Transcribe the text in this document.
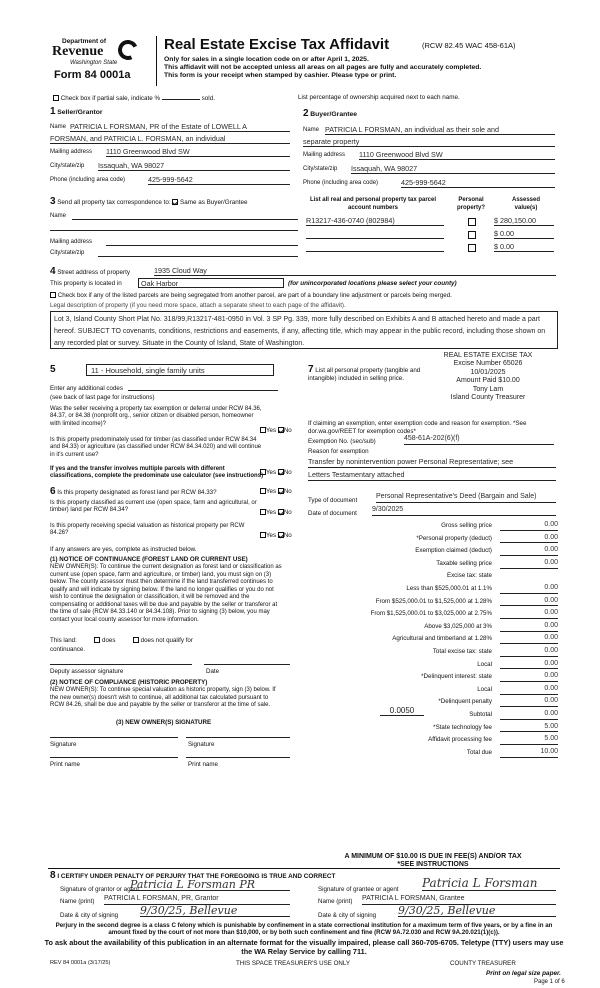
Department of
Revenue
Washington State
Form 84 0001a
Real Estate Excise Tax Affidavit	(RCW 82.45 WAC 458-61A)
Only for sales in a single location code on or after April 1, 2025.
This affidavit will not be accepted unless all areas on all pages are fully and accurately completed.
This form is your receipt when stamped by cashier. Please type or print.
Check box if partial sale, indicate %	sold.	List percentage of ownership acquired next to each name.
1 Seller/Grantor
Name PATRICIA L FORSMAN, PR of the Estate of LOWELL A
FORSMAN, and PATRICIA L. FORSMAN, an individual
Mailing address 1110 Greenwood Blvd SW
City/state/zip Issaquah, WA 98027
Phone (including area code)	425-999-5642
2 Buyer/Grantee
Name PATRICIA L FORSMAN, an individual as their sole and
separate property
Mailing address 1110 Greenwood Blvd SW
City/state/zip Issaquah, WA 98027
Phone (including area code)	425-999-5642
3 Send all property tax correspondence to: Same as Buyer/Grantee
Name
Mailing address
City/state/zip
List all real and personal property tax parcel account numbers
Personal property?
Assessed value(s)
R13217-436-0740 (802984)	$ 280,150.00
$ 0.00
$ 0.00
4 Street address of property	1935 Cloud Way
This property is located in	Oak Harbor	(for unincorporated locations please select your county)
Check box if any of the listed parcels are being segregated from another parcel, are part of a boundary line adjustment or parcels being merged.
Legal description of property (if you need more space, attach a separate sheet to each page of the affidavit).
Lot 3, Island County Short Plat No. 318/99,R13217-481-0950 in Vol. 3 SP Pg. 339, more fully described on Exhibits A and B attached hereto and made a part hereof. SUBJECT TO covenants, conditions, restrictions and easements, if any, affecting title, which may appear in the public record, including those shown on any recorded plat or survey. Situate in the County of Island, State of Washington.
REAL ESTATE EXCISE TAX
Excise Number 65026
10/01/2025
Amount Paid $10.00
Tony Lam
Island County Treasurer
5	11 - Household, single family units
Enter any additional codes
(see back of last page for instructions)
Was the seller receiving a property tax exemption or deferral under RCW 84.36, 84.37, or 84.38 (nonprofit org., senior citizen or disabled person, homeowner with limited income)?
Yes No
Is this property predominately used for timber (as classified under RCW 84.34 and 84.33) or agriculture (as classified under RCW 84.34.020) and will continue in it's current use?
If yes and the transfer involves multiple parcels with different classifications, complete the predominate use calculator (see instructions)
Yes No
6 Is this property designated as forest land per RCW 84.33?	Yes No
Is this property classified as current use (open space, farm and agricultural, or timber) land per RCW 84.34?	Yes No
Is this property receiving special valuation as historical property per RCW 84.26?	Yes No
If any answers are yes, complete as instructed below.
(1) NOTICE OF CONTINUANCE (FOREST LAND OR CURRENT USE)
NEW OWNER(S): To continue the current designation as forest land or classification as current use (open space, farm and agriculture, or timber) land, you must sign on (3) below. The county assessor must then determine if the land transferred continues to qualify and will indicate by signing below. If the land no longer qualifies or you do not wish to continue the designation or classification, it will be removed and the compensating or additional taxes will be due and payable by the seller or transferor at the time of sale (RCW 84.33.140 or 84.34.108). Prior to signing (3) below, you may contact your local county assessor for more information.
This land:	does	does not qualify for
continuance.
Deputy assessor signature	Date
(2) NOTICE OF COMPLIANCE (HISTORIC PROPERTY)
NEW OWNER(S): To continue special valuation as historic property, sign (3) below. If the new owner(s) doesn't wish to continue, all additional tax calculated pursuant to RCW 84.26, shall be due and payable by the seller or transferor at the time of sale.
(3) NEW OWNER(S) SIGNATURE
Signature	Signature
Print name	Print name
7 List all personal property (tangible and intangible) included in selling price.
If claiming an exemption, enter exemption code and reason for exemption. *See dor.wa.gov/REET for exemption codes*
Exemption No. (sec/sub)	458-61A-202(6)(f)
Reason for exemption
Transfer by nonintervention power Personal Representative; see
Letters Testamentary attached
Type of document
Personal Representative's Deed (Bargain and Sale)
Date of document
9/30/2025
Gross selling price	0.00
*Personal property (deduct)	0.00
Exemption claimed (deduct)	0.00
Taxable selling price	0.00
Excise tax: state
Less than $525,000.01 at 1.1%	0.00
From $525,000.01 to $1,525,000 at 1.28%	0.00
From $1,525,000.01 to $3,025,000 at 2.75%	0.00
Above $3,025,000 at 3%	0.00
Agricultural and timberland at 1.28%	0.00
Total excise tax: state	0.00
Local	0.00
*Delinquent interest: state	0.00
Local	0.00
*Delinquent penalty	0.00
Subtotal	0.00
*State technology fee	5.00
Affidavit processing fee	5.00
Total due	10.00
0.0050
A MINIMUM OF $10.00 IS DUE IN FEE(S) AND/OR TAX
*SEE INSTRUCTIONS
8 I CERTIFY UNDER PENALTY OF PERJURY THAT THE FOREGOING IS TRUE AND CORRECT
Signature of grantor or agent
Patricia L Forsman PR	Signature of grantee or agent Patricia L Forsman
Name (print) PATRICIA L FORSMAN, PR, Grantor	Name (print) PATRICIA L FORSMAN, Grantee
Date & city of signing 9/30/25, Bellevue	Date & city of signing 9/30/25, Bellevue
Perjury in the second degree is a class C felony which is punishable by confinement in a state correctional institution for a maximum term of five years, or by a fine in an amount fixed by the court of not more than $10,000, or by both such confinement and fine (RCW 9A.72.030 and RCW 9A.20.021(1)(c)).
To ask about the availability of this publication in an alternate format for the visually impaired, please call 360-705-6705. Teletype (TTY) users may use the WA Relay Service by calling 711.
REV 84 0001a (3/17/25)	THIS SPACE TREASURER'S USE ONLY	COUNTY TREASURER
Print on legal size paper.
Page 1 of 6
